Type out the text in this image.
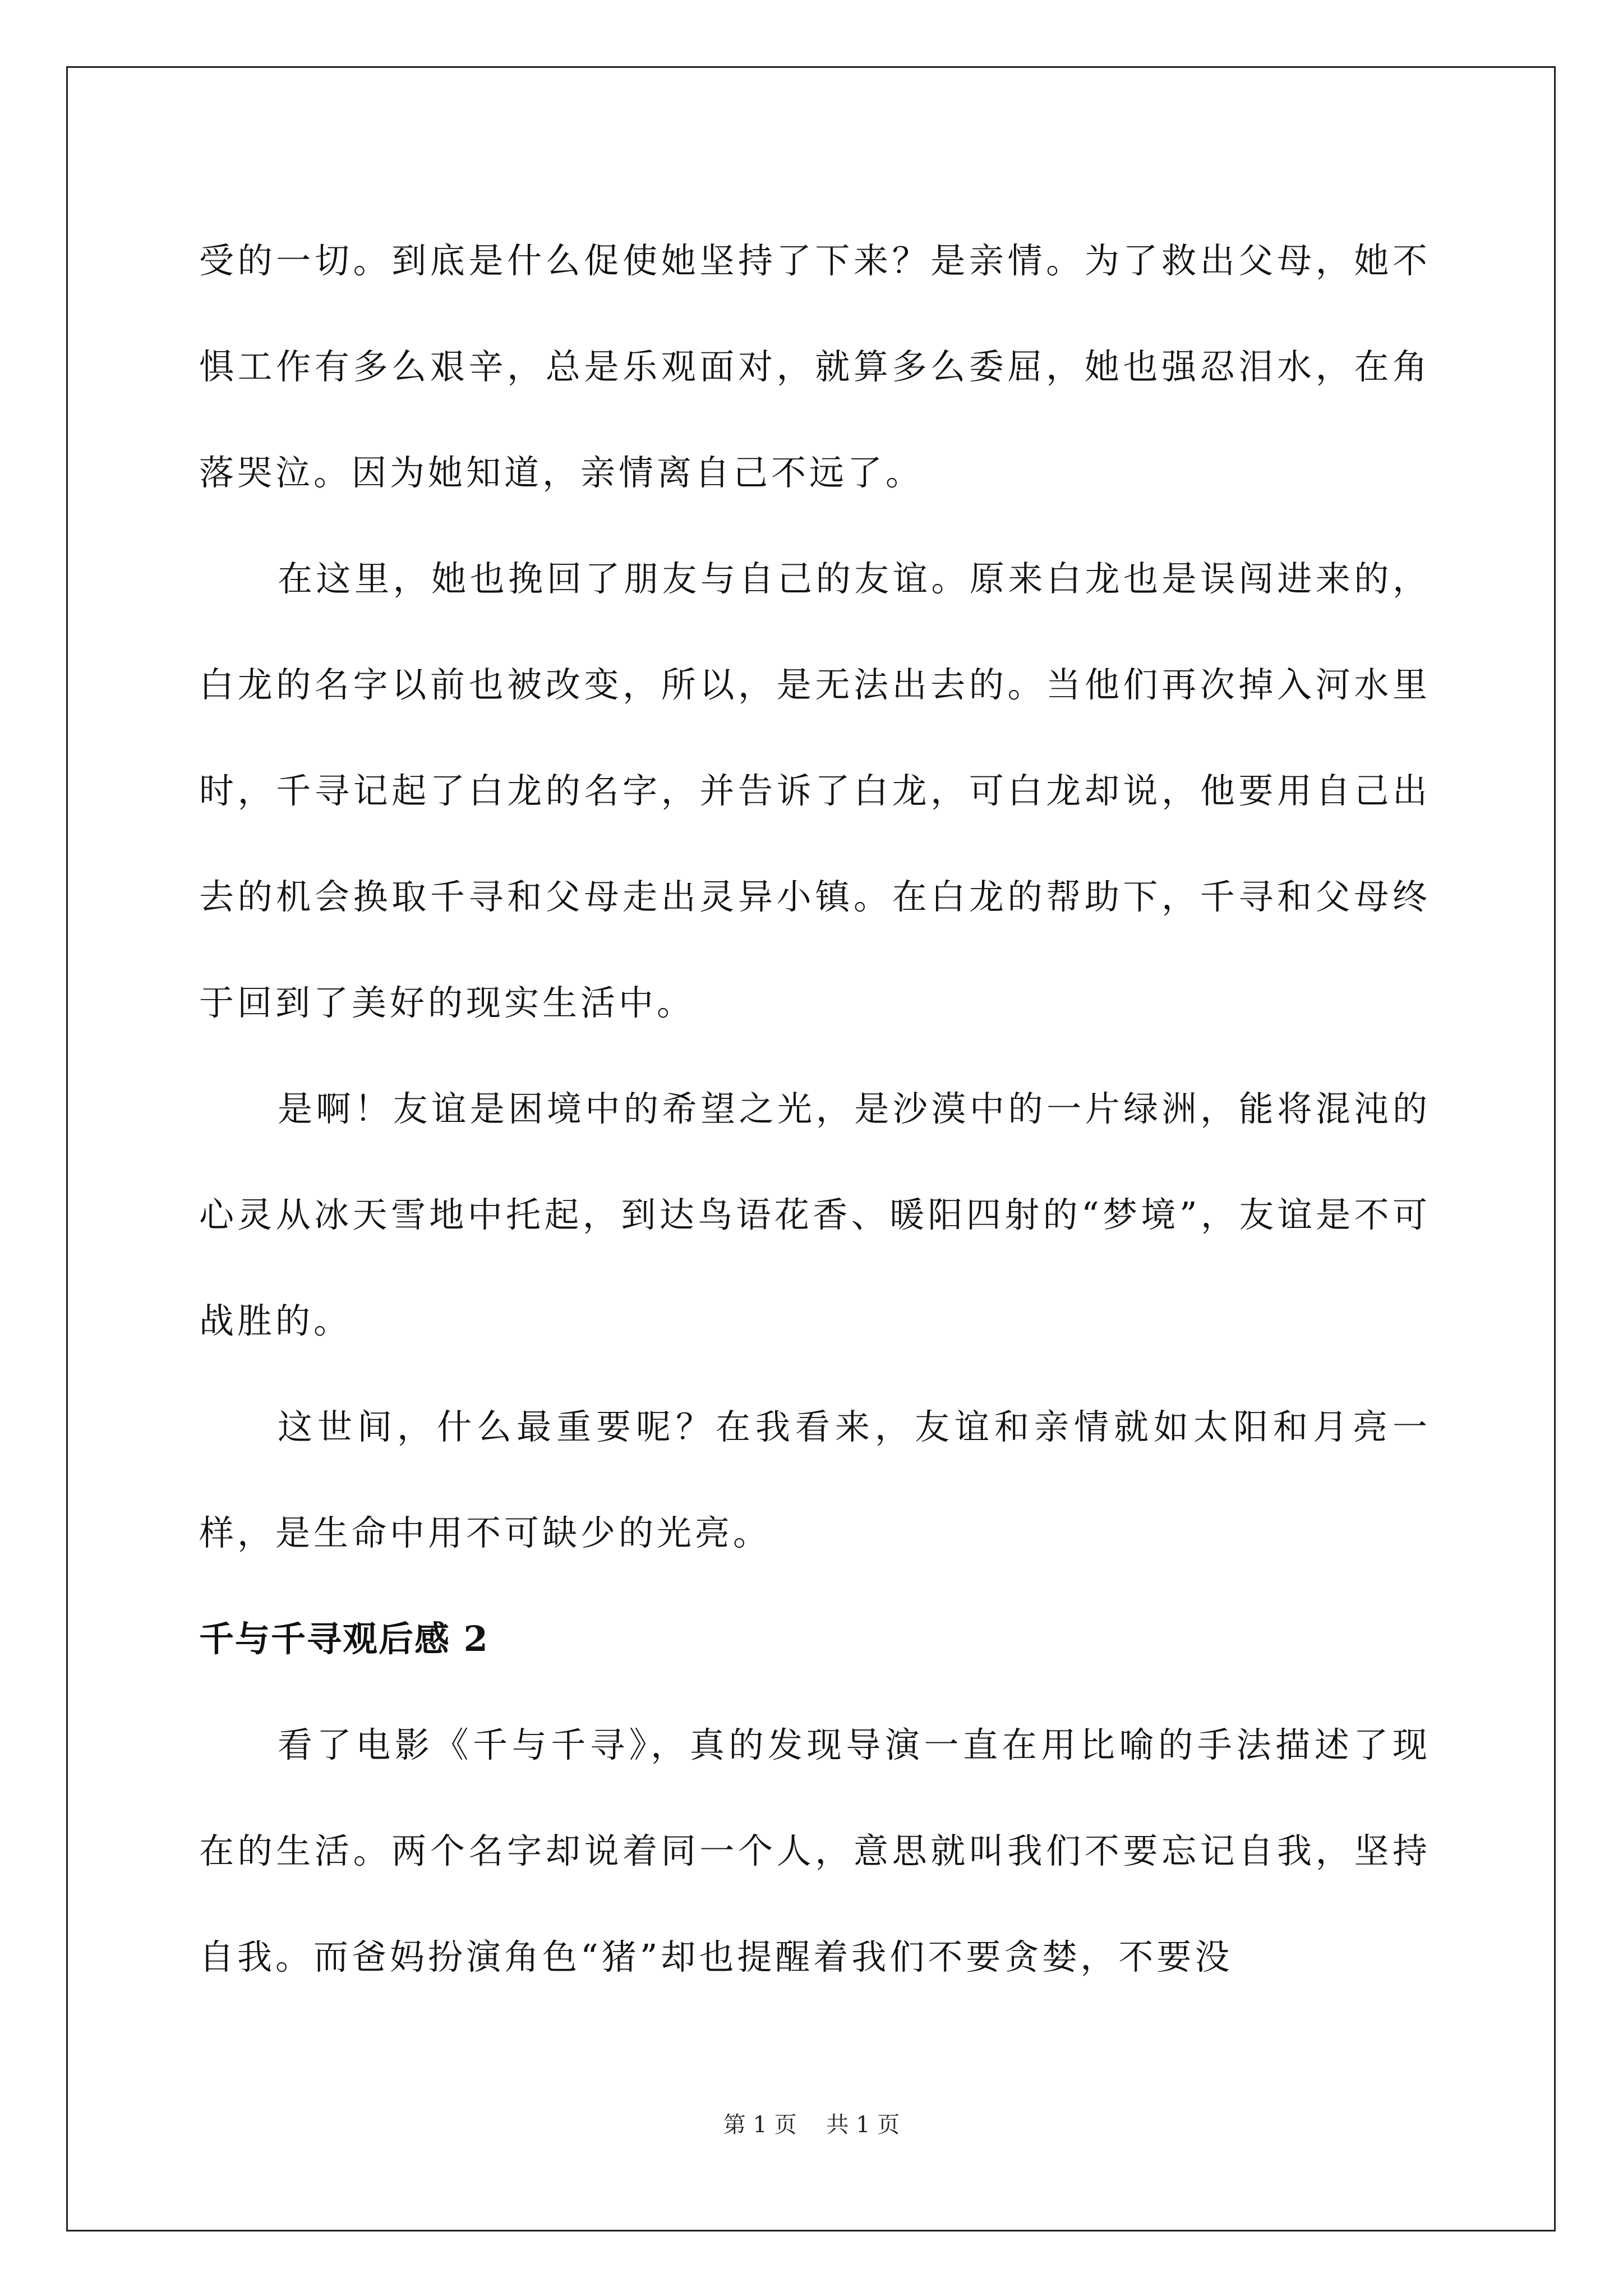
受的一切。到底是什么促使她坚持了下来？是亲情。为了救出父母，她不惧工作有多么艰辛，总是乐观面对，就算多么委屈，她也强忍泪水，在角落哭泣。因为她知道，亲情离自己不远了。

在这里，她也挽回了朋友与自己的友谊。原来白龙也是误闯进来的，白龙的名字以前也被改变，所以，是无法出去的。当他们再次掉入河水里时，千寻记起了白龙的名字，并告诉了白龙，可白龙却说，他要用自己出去的机会换取千寻和父母走出灵异小镇。在白龙的帮助下，千寻和父母终于回到了美好的现实生活中。

是啊！友谊是困境中的希望之光，是沙漠中的一片绿洲，能将混沌的心灵从冰天雪地中托起，到达鸟语花香、暖阳四射的“梦境”，友谊是不可战胜的。

这世间，什么最重要呢？在我看来，友谊和亲情就如太阳和月亮一样，是生命中用不可缺少的光亮。

千与千寻观后感 2

看了电影《千与千寻》，真的发现导演一直在用比喻的手法描述了现在的生活。两个名字却说着同一个人，意思就叫我们不要忘记自我，坚持自我。而爸妈扮演角色“猪”却也提醒着我们不要贪婪，不要没

第 1 页 共 1 页
